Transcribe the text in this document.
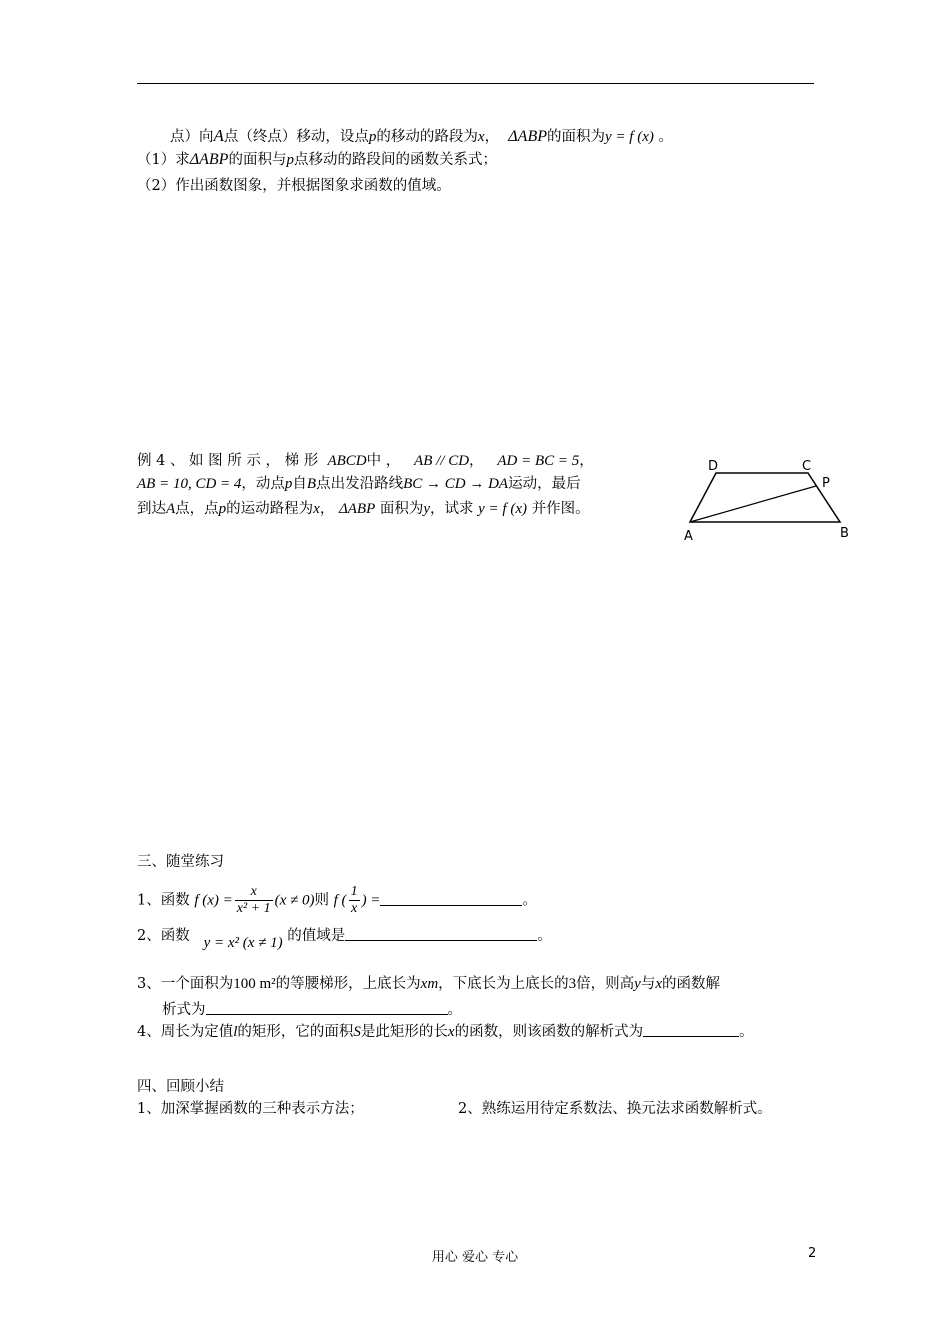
点）向A点（终点）移动，设点p的移动的路段为x， ΔABP的面积为y = f (x) 。
（1）求ΔABP的面积与p点移动的路段间的函数关系式；
（2）作出函数图象，并根据图象求函数的值域。
例 4 、 如 图 所 示 ， 梯 形 ABCD中 ， AB // CD， AD = BC = 5，
AB = 10, CD = 4，动点p自B点出发沿路线BC → CD → DA运动，最后
到达A点，点p的运动路程为x， ΔABP 面积为y，试求 y = f (x) 并作图。
D	C
P
A	B
三、随堂练习
1、函数 f $(x) = \frac{x}{\text{x² + 1}} (x \ne 0)$则 f ( $\frac{1}{x}$ ) =	。
2、函数 y = x² (x ≠ 1) 的值域是	。
3、一个面积为100 m²的等腰梯形，上底长为xm，下底长为上底长的3倍，则高y与x的函数解
析式为	。
4、周长为定值l的矩形，它的面积S是此矩形的长x的函数，则该函数的解析式为	。
四、回顾小结
1、加深掌握函数的三种表示方法；	2、熟练运用待定系数法、换元法求函数解析式。
用心 爱心 专心	2
